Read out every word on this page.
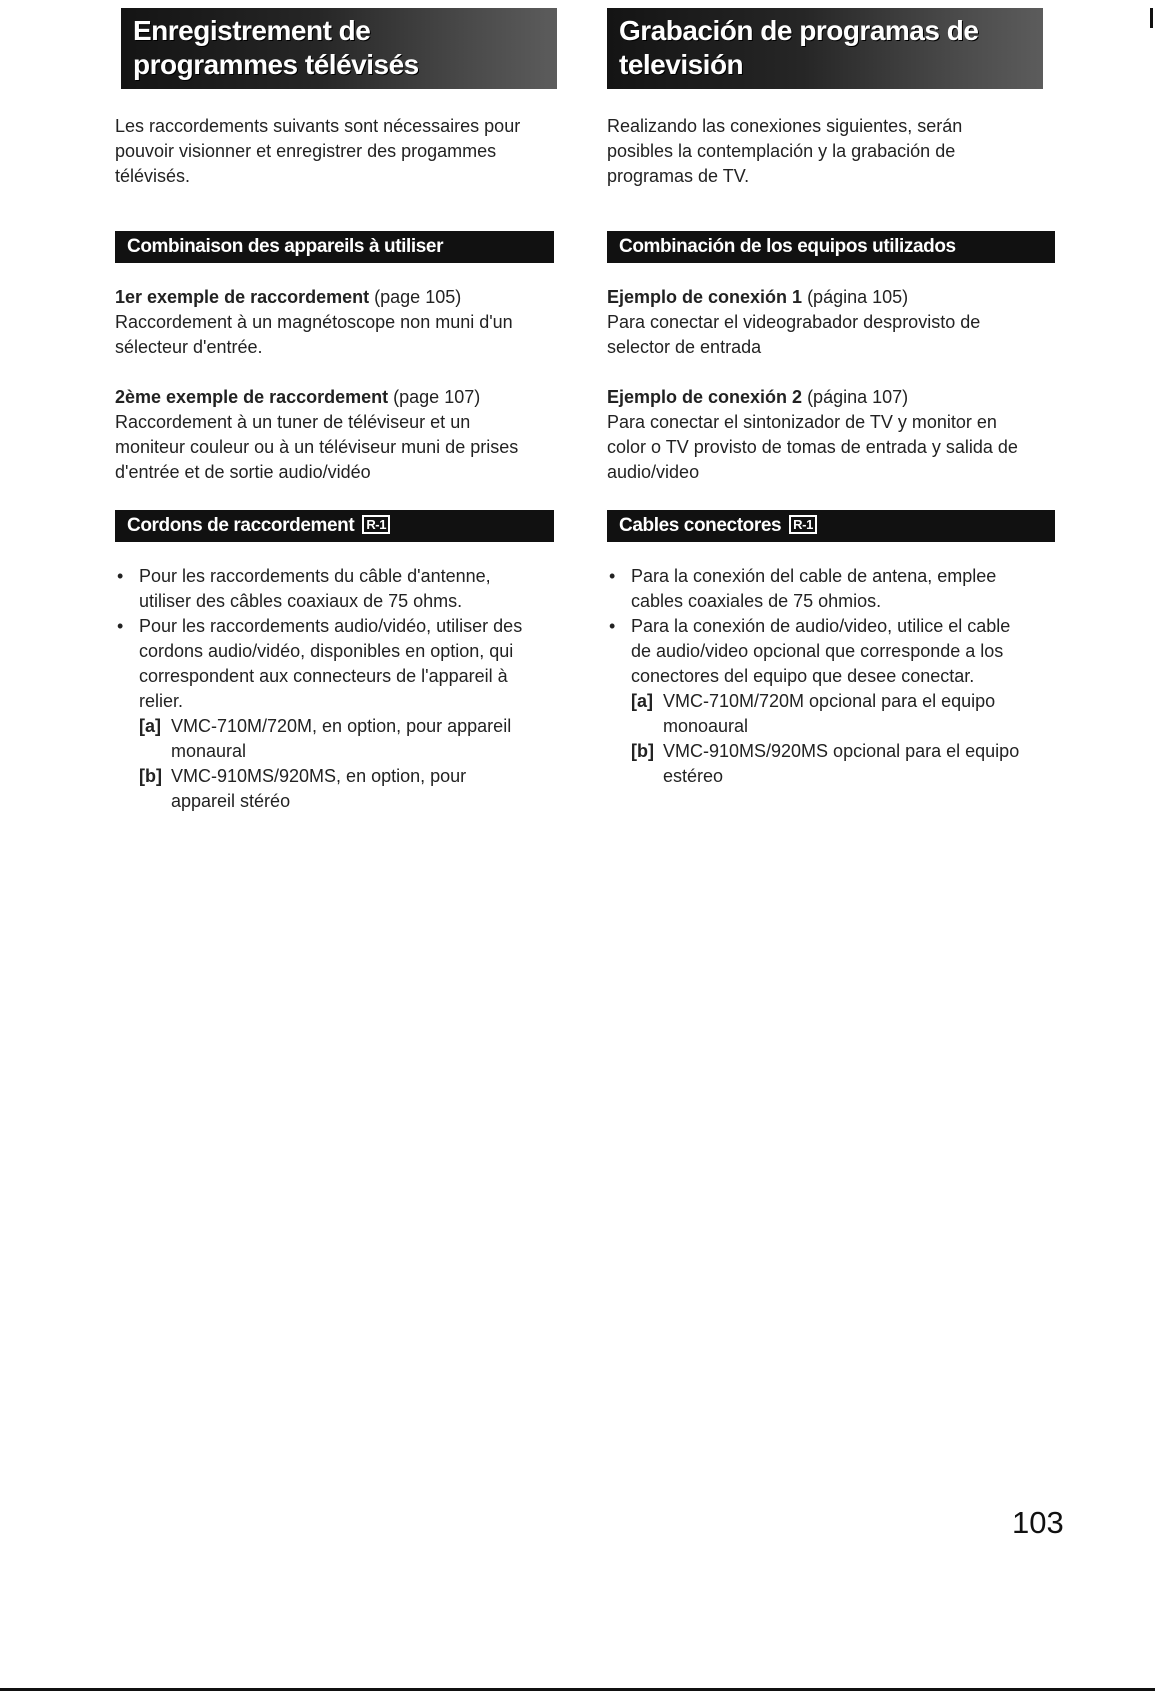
Enregistrement de
programmes télévisés

Les raccordements suivants sont nécessaires pour pouvoir visionner et enregistrer des progammes télévisés.

Combinaison des appareils à utiliser

1er exemple de raccordement (page 105)
Raccordement à un magnétoscope non muni d'un sélecteur d'entrée.

2ème exemple de raccordement (page 107)
Raccordement à un tuner de téléviseur et un moniteur couleur ou à un téléviseur muni de prises d'entrée et de sortie audio/vidéo

Cordons de raccordement R-1
• Pour les raccordements du câble d'antenne, utiliser des câbles coaxiaux de 75 ohms.
• Pour les raccordements audio/vidéo, utiliser des cordons audio/vidéo, disponibles en option, qui correspondent aux connecteurs de l'appareil à relier.
[a] VMC-710M/720M, en option, pour appareil monaural
[b] VMC-910MS/920MS, en option, pour appareil stéréo
Grabación de programas de
televisión

Realizando las conexiones siguientes, serán posibles la contemplación y la grabación de programas de TV.

Combinación de los equipos utilizados

Ejemplo de conexión 1 (página 105)
Para conectar el videograbador desprovisto de selector de entrada

Ejemplo de conexión 2 (página 107)
Para conectar el sintonizador de TV y monitor en color o TV provisto de tomas de entrada y salida de audio/video

Cables conectores R-1
• Para la conexión del cable de antena, emplee cables coaxiales de 75 ohmios.
• Para la conexión de audio/video, utilice el cable de audio/video opcional que corresponde a los conectores del equipo que desee conectar.
[a] VMC-710M/720M opcional para el equipo monoaural
[b] VMC-910MS/920MS opcional para el equipo estéreo
103
